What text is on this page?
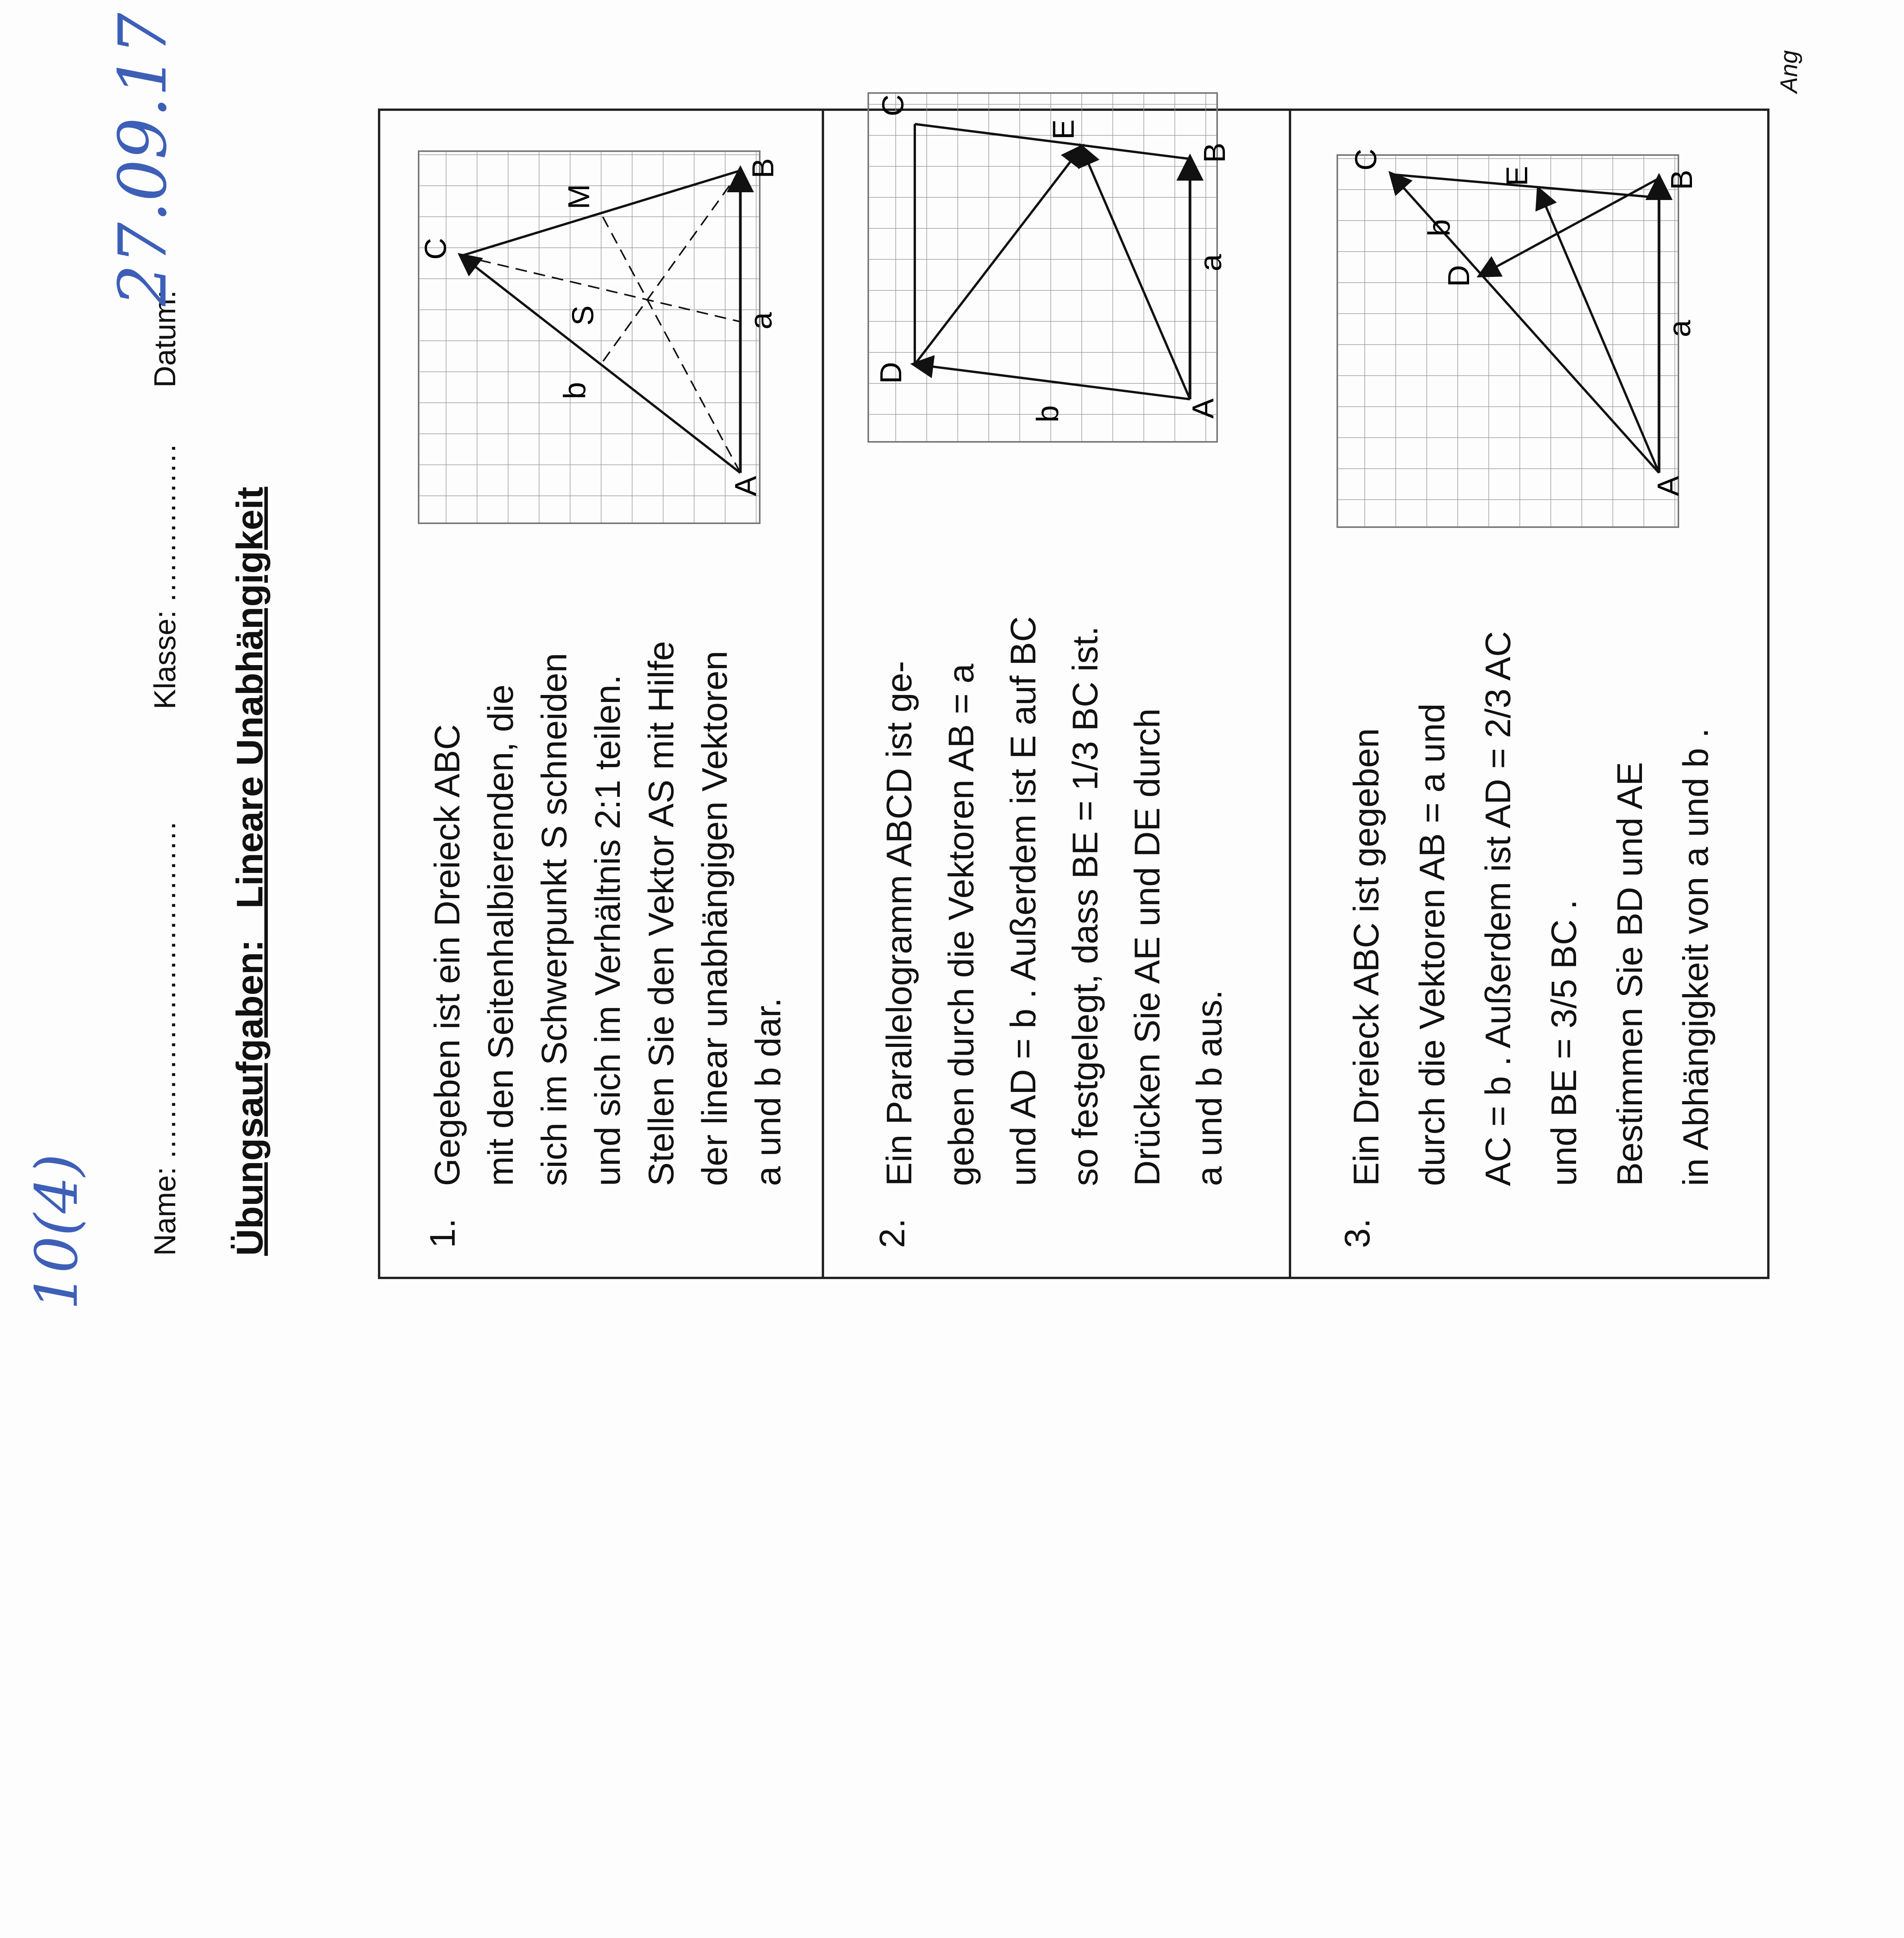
10(4) Name: ..................................
Klasse: ................
Datum:
27.09.17
Übungsaufgaben:   Lineare Unabhängigkeit
1.
Gegeben ist ein Dreieck ABC mit den Seitenhalbierenden, die sich im Schwerpunkt S schneiden und sich im Verhältnis 2:1 teilen. Stellen Sie den Vektor AS mit Hilfe der linear unabhängigen Vektoren a und b dar.
2.
Ein Parallelogramm ABCD ist ge- geben durch die Vektoren AB = a und AD = b . Außerdem ist E auf BC so festgelegt, dass BE = 1/3 BC ist. Drücken Sie AE und DE durch a und b aus.
3.
Ein Dreieck ABC ist gegeben durch die Vektoren AB = a und AC = b . Außerdem ist AD = 2/3 AC und BE = 3/5 BC . Bestimmen Sie BD und AE in Abhängigkeit von a und b .
A
B
C
M
S	a
b
A
B
C
D
E
a
b
A
B
C
D
E
a
b
Ang
